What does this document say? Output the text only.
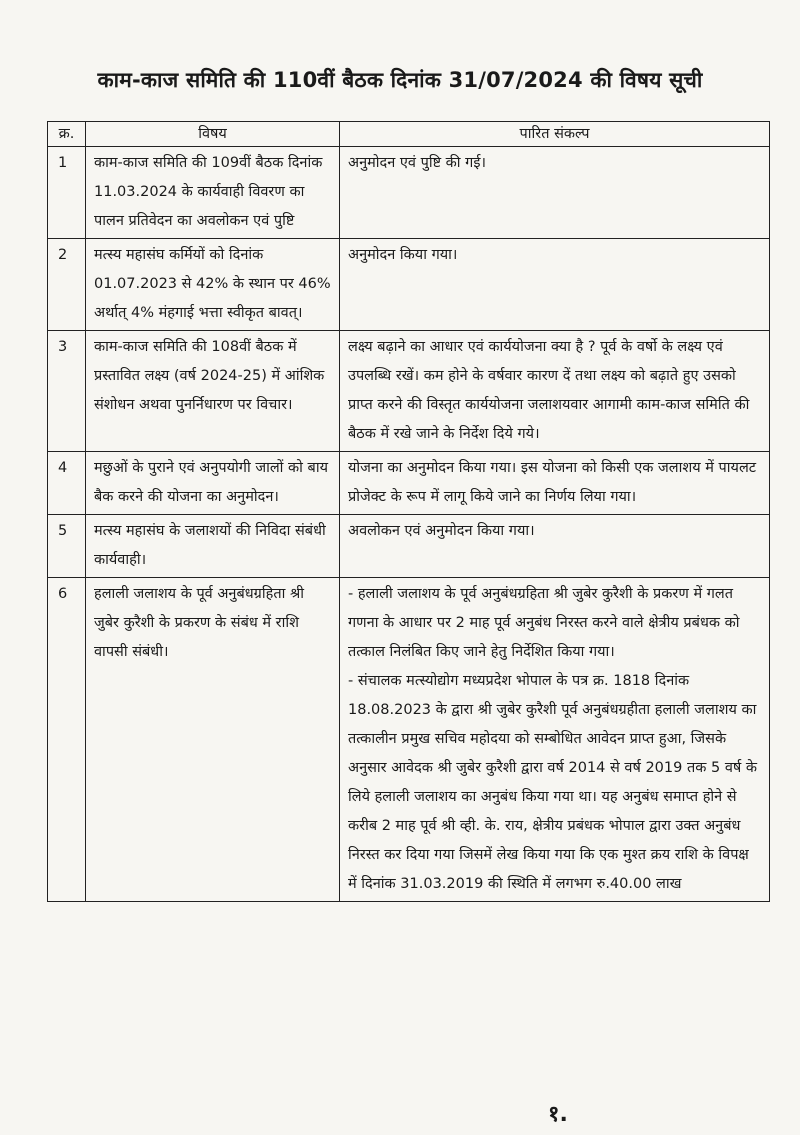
काम-काज समिति की 110वीं बैठक दिनांक 31/07/2024 की विषय सूची
क्र.	विषय	पारित संकल्प
1	काम-काज समिति की 109वीं बैठक दिनांक 11.03.2024 के कार्यवाही विवरण का पालन प्रतिवेदन का अवलोकन एवं पुष्टि	अनुमोदन एवं पुष्टि की गई।

2	मत्स्य महासंघ कर्मियों को दिनांक 01.07.2023 से 42% के स्थान पर 46% अर्थात् 4% मंहगाई भत्ता स्वीकृत बावत्।	अनुमोदन किया गया।

3	काम-काज समिति की 108वीं बैठक में प्रस्तावित लक्ष्य (वर्ष 2024-25) में आंशिक संशोधन अथवा पुनर्निधारण पर विचार।	लक्ष्य बढ़ाने का आधार एवं कार्ययोजना क्या है ? पूर्व के वर्षो के लक्ष्य एवं उपलब्धि रखें। कम होने के वर्षवार कारण दें तथा लक्ष्य को बढ़ाते हुए उसको प्राप्त करने की विस्तृत कार्ययोजना जलाशयवार आगामी काम-काज समिति की बैठक में रखे जाने के निर्देश दिये गये।

4	मछुओं के पुराने एवं अनुपयोगी जालों को बाय बैक करने की योजना का अनुमोदन।	योजना का अनुमोदन किया गया। इस योजना को किसी एक जलाशय में पायलट प्रोजेक्ट के रूप में लागू किये जाने का निर्णय लिया गया।

5	मत्स्य महासंघ के जलाशयों की निविदा संबंधी कार्यवाही।	अवलोकन एवं अनुमोदन किया गया।

6	हलाली जलाशय के पूर्व अनुबंधग्रहिता श्री जुबेर कुरैशी के प्रकरण के संबंध में राशि वापसी संबंधी।	- हलाली जलाशय के पूर्व अनुबंधग्रहिता श्री जुबेर कुरैशी के प्रकरण में गलत गणना के आधार पर 2 माह पूर्व अनुबंध निरस्त करने वाले क्षेत्रीय प्रबंधक को तत्काल निलंबित किए जाने हेतु निर्देशित किया गया।

- संचालक मत्स्योद्योग मध्यप्रदेश भोपाल के पत्र क्र. 1818 दिनांक 18.08.2023 के द्वारा श्री जुबेर कुरैशी पूर्व अनुबंधग्रहीता हलाली जलाशय का तत्कालीन प्रमुख सचिव महोदया को सम्बोधित आवेदन प्राप्त हुआ, जिसके अनुसार आवेदक श्री जुबेर कुरैशी द्वारा वर्ष 2014 से वर्ष 2019 तक 5 वर्ष के लिये हलाली जलाशय का अनुबंध किया गया था। यह अनुबंध समाप्त होने से करीब 2 माह पूर्व श्री व्ही. के. राय, क्षेत्रीय प्रबंधक भोपाल द्वारा उक्त अनुबंध निरस्त कर दिया गया जिसमें लेख किया गया कि एक मुश्त क्रय राशि के विपक्ष में दिनांक 31.03.2019 की स्थिति में लगभग रु.40.00 लाख

१.
